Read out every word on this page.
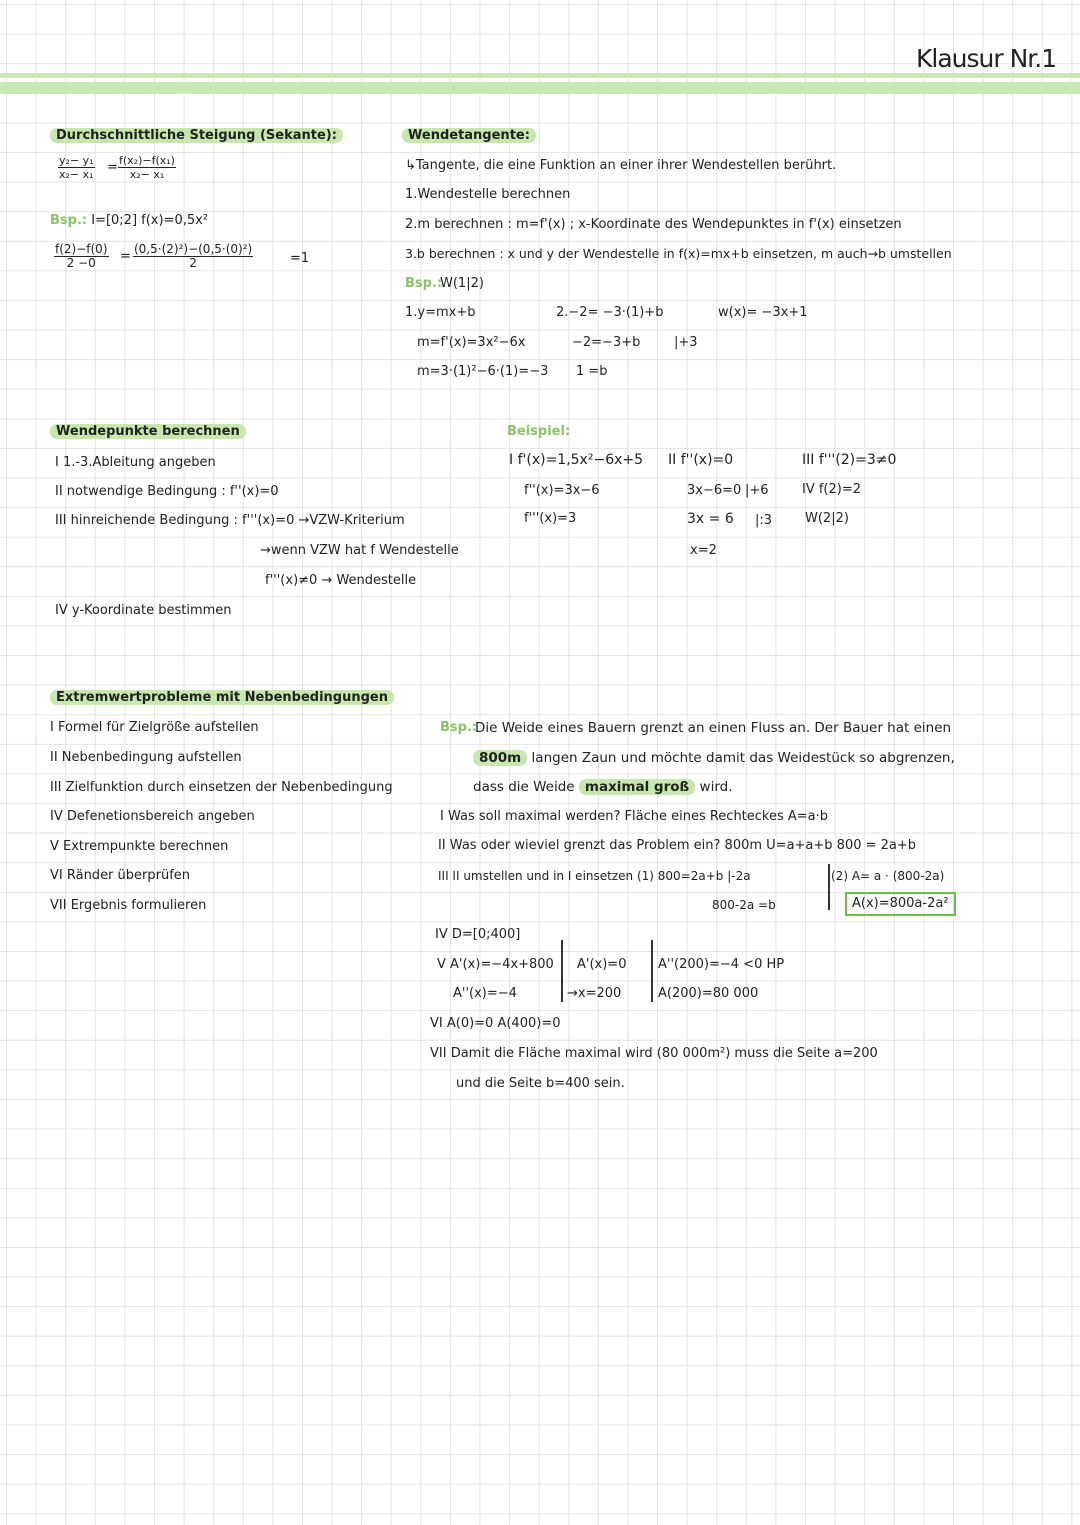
Klausur Nr.1
Durchschnittliche Steigung (Sekante):
$\frac{\text{y₂− y₁}}{\text{x₂− x₁}} = \frac{\text{f(x₂)−f(x₁)}}{\text{x₂− x₁}}$
Bsp.: I=[0;2] f(x)=0,5x²
$\frac{f(2)-f(0)}{2 -0} = \frac{\text{(0,5·(2)²)−(0,5·(0)²)}}{2}$	=1
Wendetangente:
↳Tangente, die eine Funktion an einer ihrer Wendestellen berührt.
1.Wendestelle berechnen
2.m berechnen : m=f'(x) ; x-Koordinate des Wendepunktes in f'(x) einsetzen
3.b berechnen : x und y der Wendestelle in f(x)=mx+b einsetzen, m auch→b umstellen
Bsp.:
W(1|2)
1.y=mx+b
m=f'(x)=3x²−6x
m=3·(1)²−6·(1)=−3
2.−2= −3·(1)+b
−2=−3+b	|+3
1 =b
w(x)= −3x+1
Wendepunkte berechnen
I 1.-3.Ableitung angeben
II notwendige Bedingung : f''(x)=0
III hinreichende Bedingung : f'''(x)=0 →VZW-Kriterium
→wenn VZW hat f Wendestelle
f'''(x)≠0 → Wendestelle
IV y-Koordinate bestimmen
Beispiel:
I f'(x)=1,5x²−6x+5
f''(x)=3x−6
f'''(x)=3
II f''(x)=0
3x−6=0 |+6
3x = 6 |:3
x=2
III f'''(2)=3≠0
IV f(2)=2
W(2|2)
Extremwertprobleme mit Nebenbedingungen
I Formel für Zielgröße aufstellen
II Nebenbedingung aufstellen
III Zielfunktion durch einsetzen der Nebenbedingung
IV Defenetionsbereich angeben
V Extrempunkte berechnen
VI Ränder überprüfen
VII Ergebnis formulieren
Bsp.:
Die Weide eines Bauern grenzt an einen Fluss an. Der Bauer hat einen
800m langen Zaun und möchte damit das Weidestück so abgrenzen,
dass die Weide maximal groß wird.
I Was soll maximal werden? Fläche eines Rechteckes A=a·b
II Was oder wieviel grenzt das Problem ein? 800m U=a+a+b 800 = 2a+b
III II umstellen und in I einsetzen (1) 800=2a+b |-2a
800-2a =b
(2) A= a · (800-2a)
A(x)=800a-2a²
IV D=[0;400]
V A'(x)=−4x+800
A''(x)=−4
A'(x)=0
→x=200
A''(200)=−4 <0 HP
A(200)=80 000
VI A(0)=0 A(400)=0
VII Damit die Fläche maximal wird (80 000m²) muss die Seite a=200
und die Seite b=400 sein.
